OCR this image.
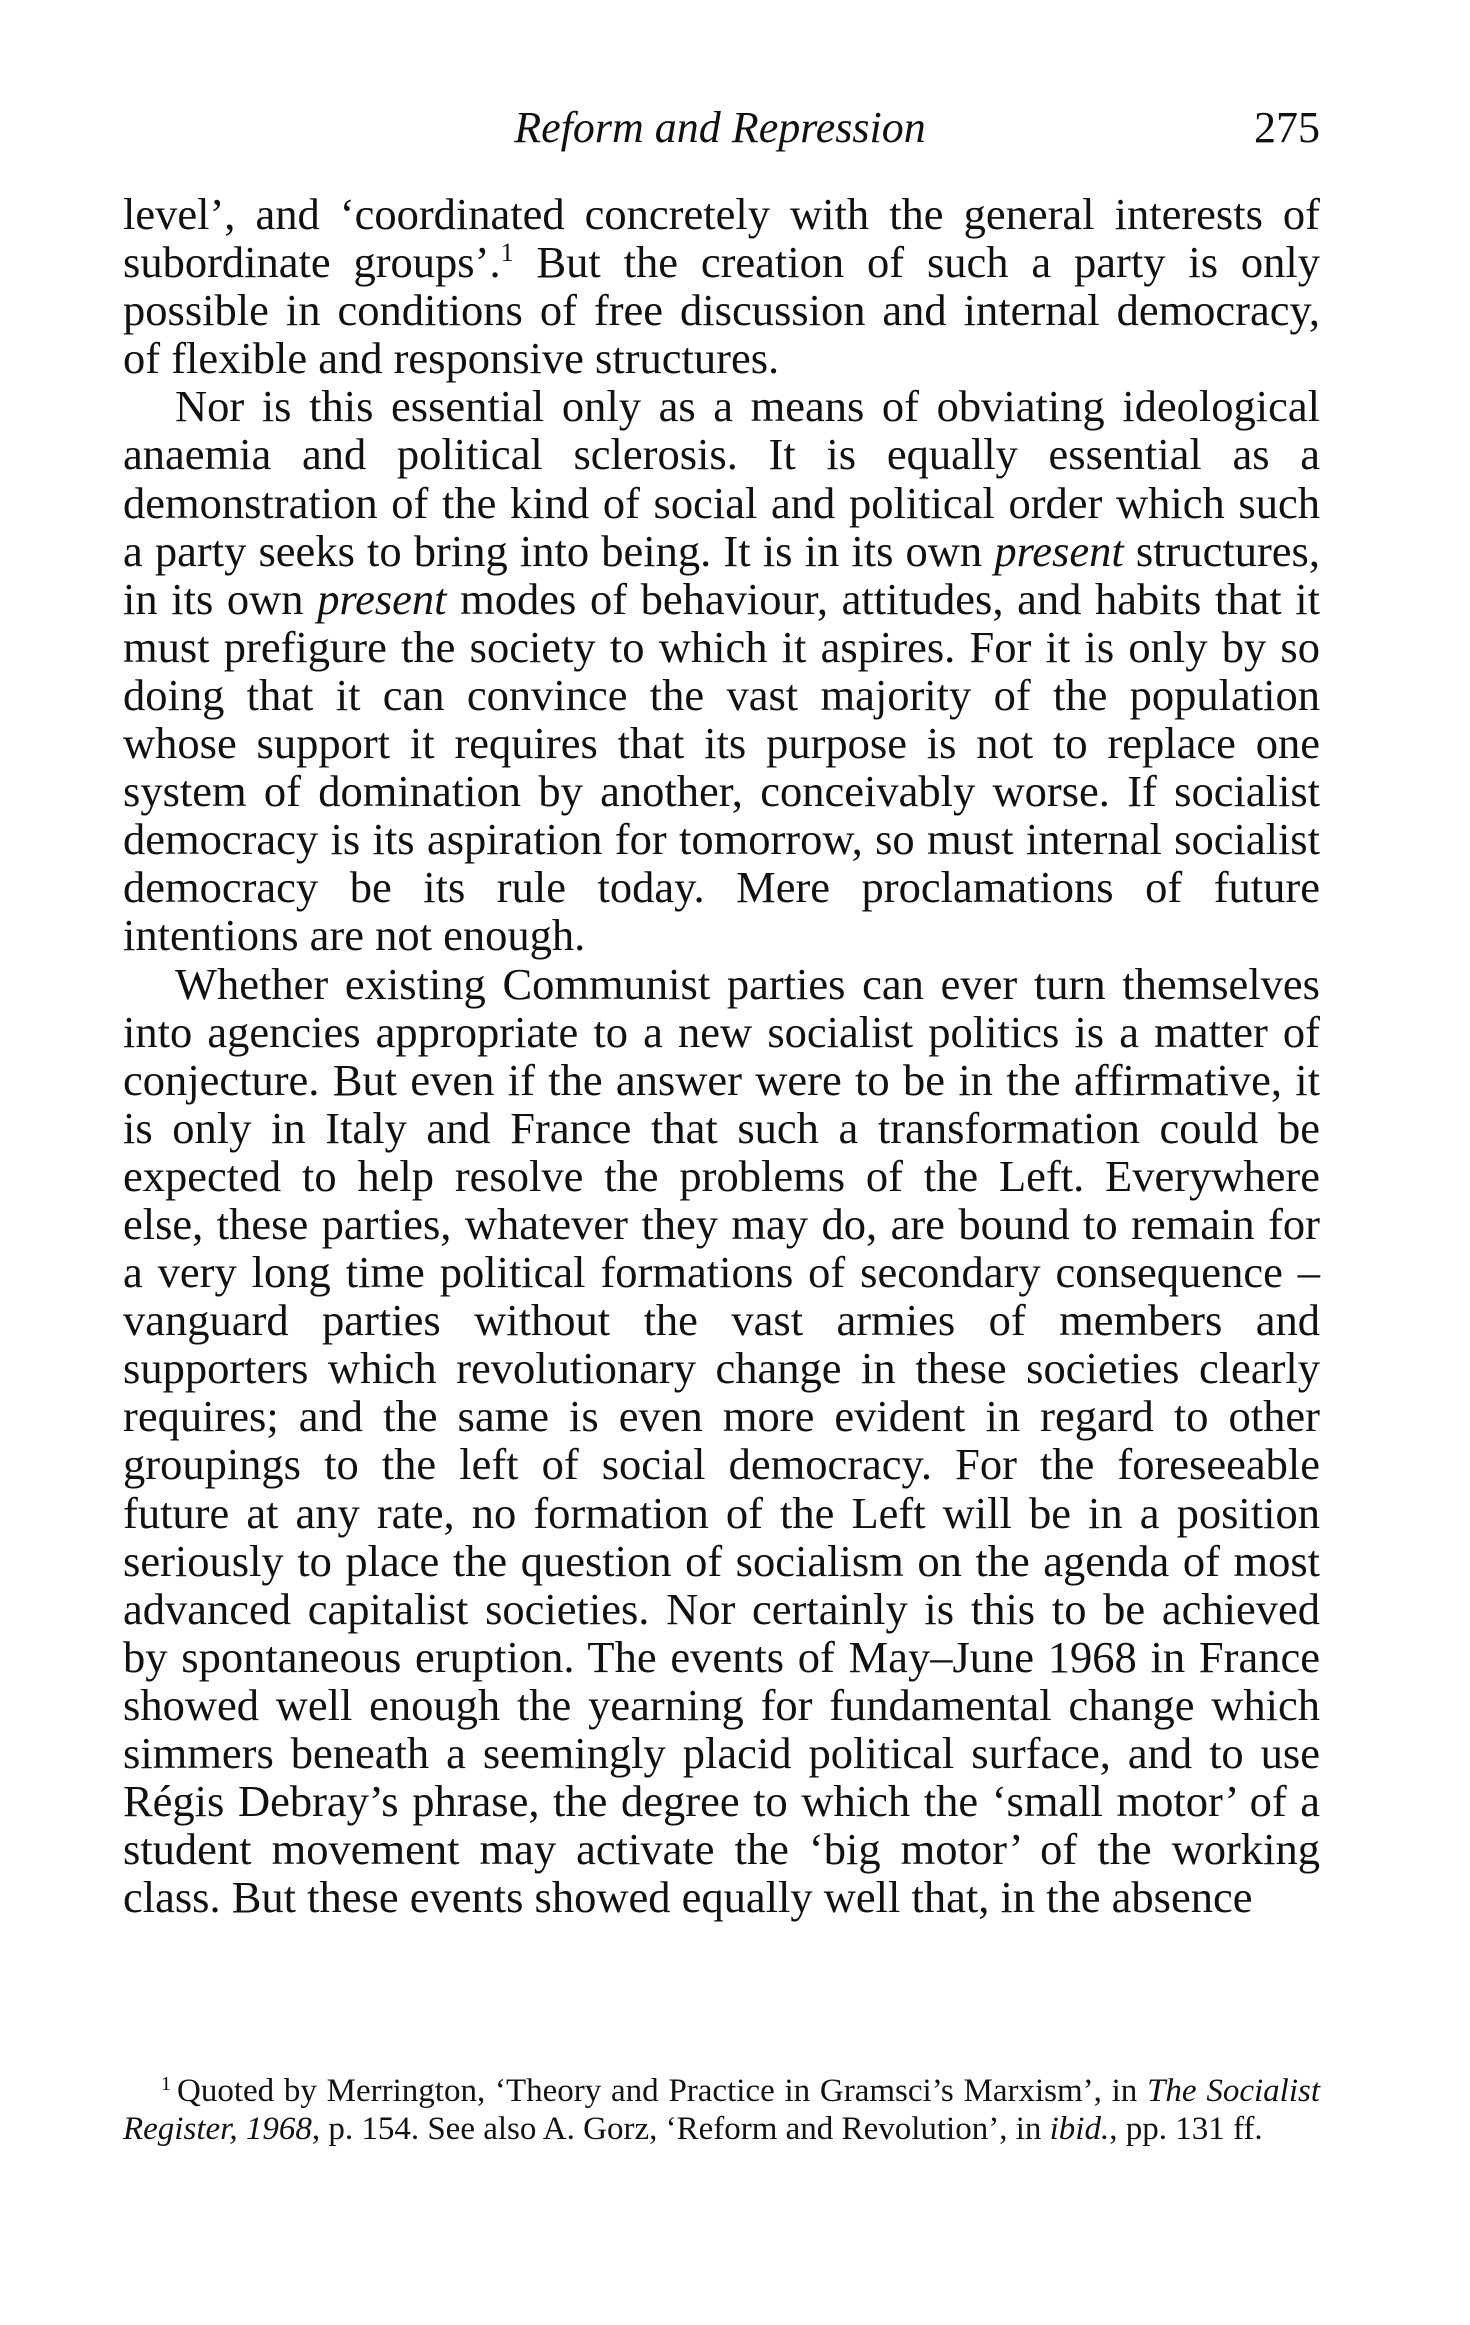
Reform and Repression	275

level’, and ‘coordinated concretely with the general interests of subordinate groups’.$^1$ But the creation of such a party is only possible in conditions of free discussion and internal democracy, of flexible and responsive structures.

Nor is this essential only as a means of obviating ideological anaemia and political sclerosis. It is equally essential as a demonstration of the kind of social and political order which such a party seeks to bring into being. It is in its own present structures, in its own present modes of behaviour, attitudes, and habits that it must prefigure the society to which it aspires. For it is only by so doing that it can convince the vast majority of the population whose support it requires that its purpose is not to replace one system of domination by another, conceivably worse. If socialist democracy is its aspiration for tomorrow, so must internal socialist democracy be its rule today. Mere proclamations of future intentions are not enough.

Whether existing Communist parties can ever turn themselves into agencies appropriate to a new socialist politics is a matter of conjecture. But even if the answer were to be in the affirmative, it is only in Italy and France that such a transformation could be expected to help resolve the problems of the Left. Everywhere else, these parties, whatever they may do, are bound to remain for a very long time political formations of secondary consequence – vanguard parties without the vast armies of members and supporters which revolutionary change in these societies clearly requires; and the same is even more evident in regard to other groupings to the left of social democracy. For the foreseeable future at any rate, no formation of the Left will be in a position seriously to place the question of socialism on the agenda of most advanced capitalist societies. Nor certainly is this to be achieved by spontaneous eruption. The events of May–June 1968 in France showed well enough the yearning for fundamental change which simmers beneath a seemingly placid political surface, and to use Régis Debray’s phrase, the degree to which the ‘small motor’ of a student movement may activate the ‘big motor’ of the working class. But these events showed equally well that, in the absence

$^1$ Quoted by Merrington, ‘Theory and Practice in Gramsci’s Marxism’, in The Socialist Register, 1968, p. 154. See also A. Gorz, ‘Reform and Revolution’, in ibid., pp. 131 ff.
